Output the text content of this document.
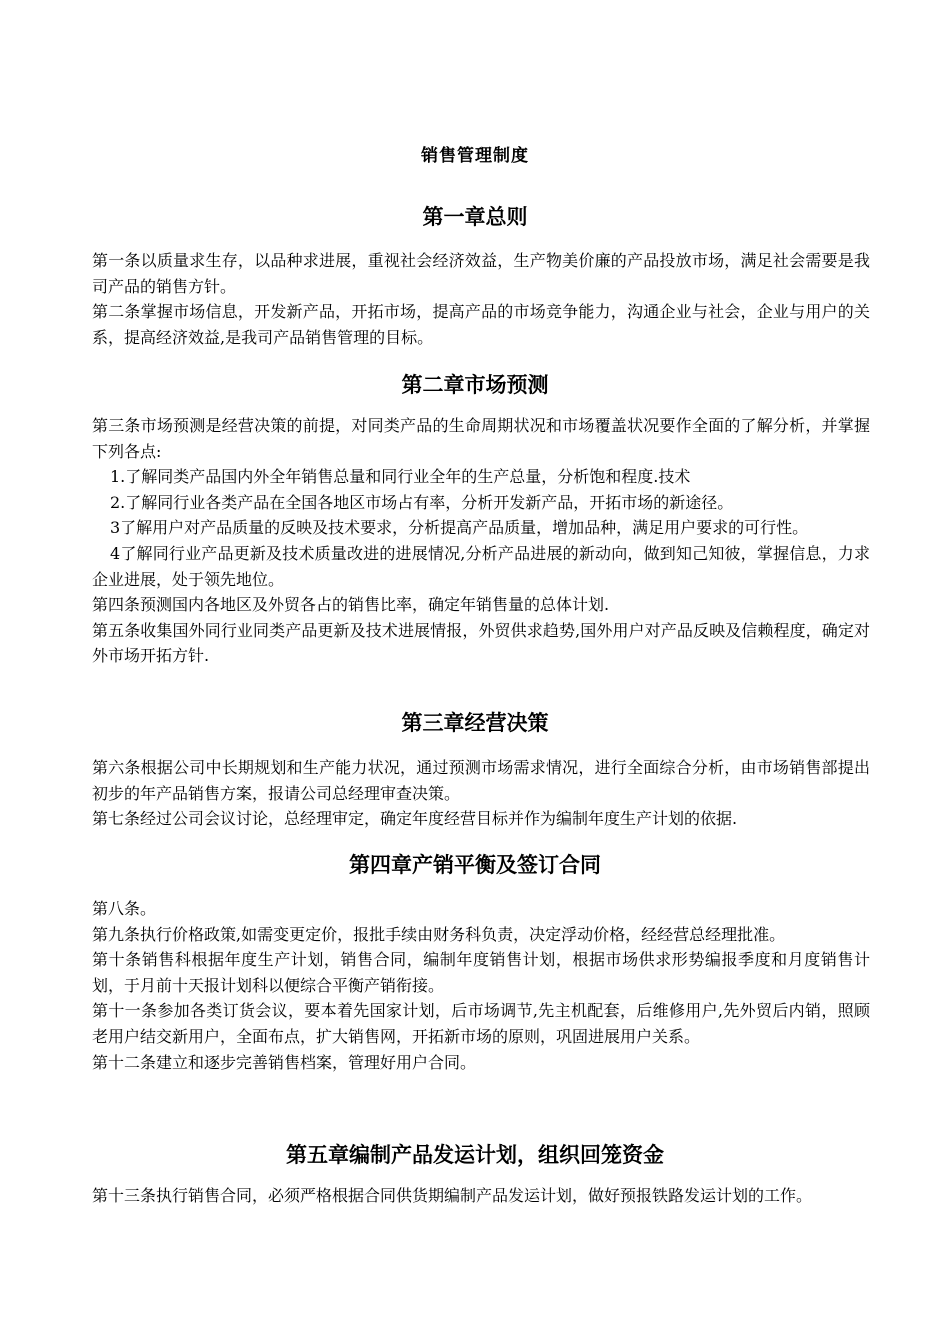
销售管理制度
第一章总则

第一条以质量求生存，以品种求进展，重视社会经济效益，生产物美价廉的产品投放市场，满足社会需要是我司产品的销售方针。

第二条掌握市场信息，开发新产品，开拓市场，提高产品的市场竞争能力，沟通企业与社会，企业与用户的关系，提高经济效益,是我司产品销售管理的目标。

第二章市场预测

第三条市场预测是经营决策的前提，对同类产品的生命周期状况和市场覆盖状况要作全面的了解分析，并掌握下列各点:

1.了解同类产品国内外全年销售总量和同行业全年的生产总量，分析饱和程度.技术

2.了解同行业各类产品在全国各地区市场占有率，分析开发新产品，开拓市场的新途径。

3了解用户对产品质量的反映及技术要求，分析提高产品质量，增加品种，满足用户要求的可行性。

4了解同行业产品更新及技术质量改进的进展情况,分析产品进展的新动向，做到知己知彼，掌握信息，力求企业进展，处于领先地位。

第四条预测国内各地区及外贸各占的销售比率，确定年销售量的总体计划.

第五条收集国外同行业同类产品更新及技术进展情报，外贸供求趋势,国外用户对产品反映及信赖程度，确定对外市场开拓方针.

第三章经营决策

第六条根据公司中长期规划和生产能力状况，通过预测市场需求情况，进行全面综合分析，由市场销售部提出初步的年产品销售方案，报请公司总经理审查决策。

第七条经过公司会议讨论，总经理审定，确定年度经营目标并作为编制年度生产计划的依据.

第四章产销平衡及签订合同

第八条。

第九条执行价格政策,如需变更定价，报批手续由财务科负责，决定浮动价格，经经营总经理批准。

第十条销售科根据年度生产计划，销售合同，编制年度销售计划，根据市场供求形势编报季度和月度销售计划，于月前十天报计划科以便综合平衡产销衔接。

第十一条参加各类订货会议，要本着先国家计划，后市场调节,先主机配套，后维修用户,先外贸后内销，照顾老用户结交新用户，全面布点，扩大销售网，开拓新市场的原则，巩固进展用户关系。

第十二条建立和逐步完善销售档案，管理好用户合同。

第五章编制产品发运计划，组织回笼资金

第十三条执行销售合同，必须严格根据合同供货期编制产品发运计划，做好预报铁路发运计划的工作。
